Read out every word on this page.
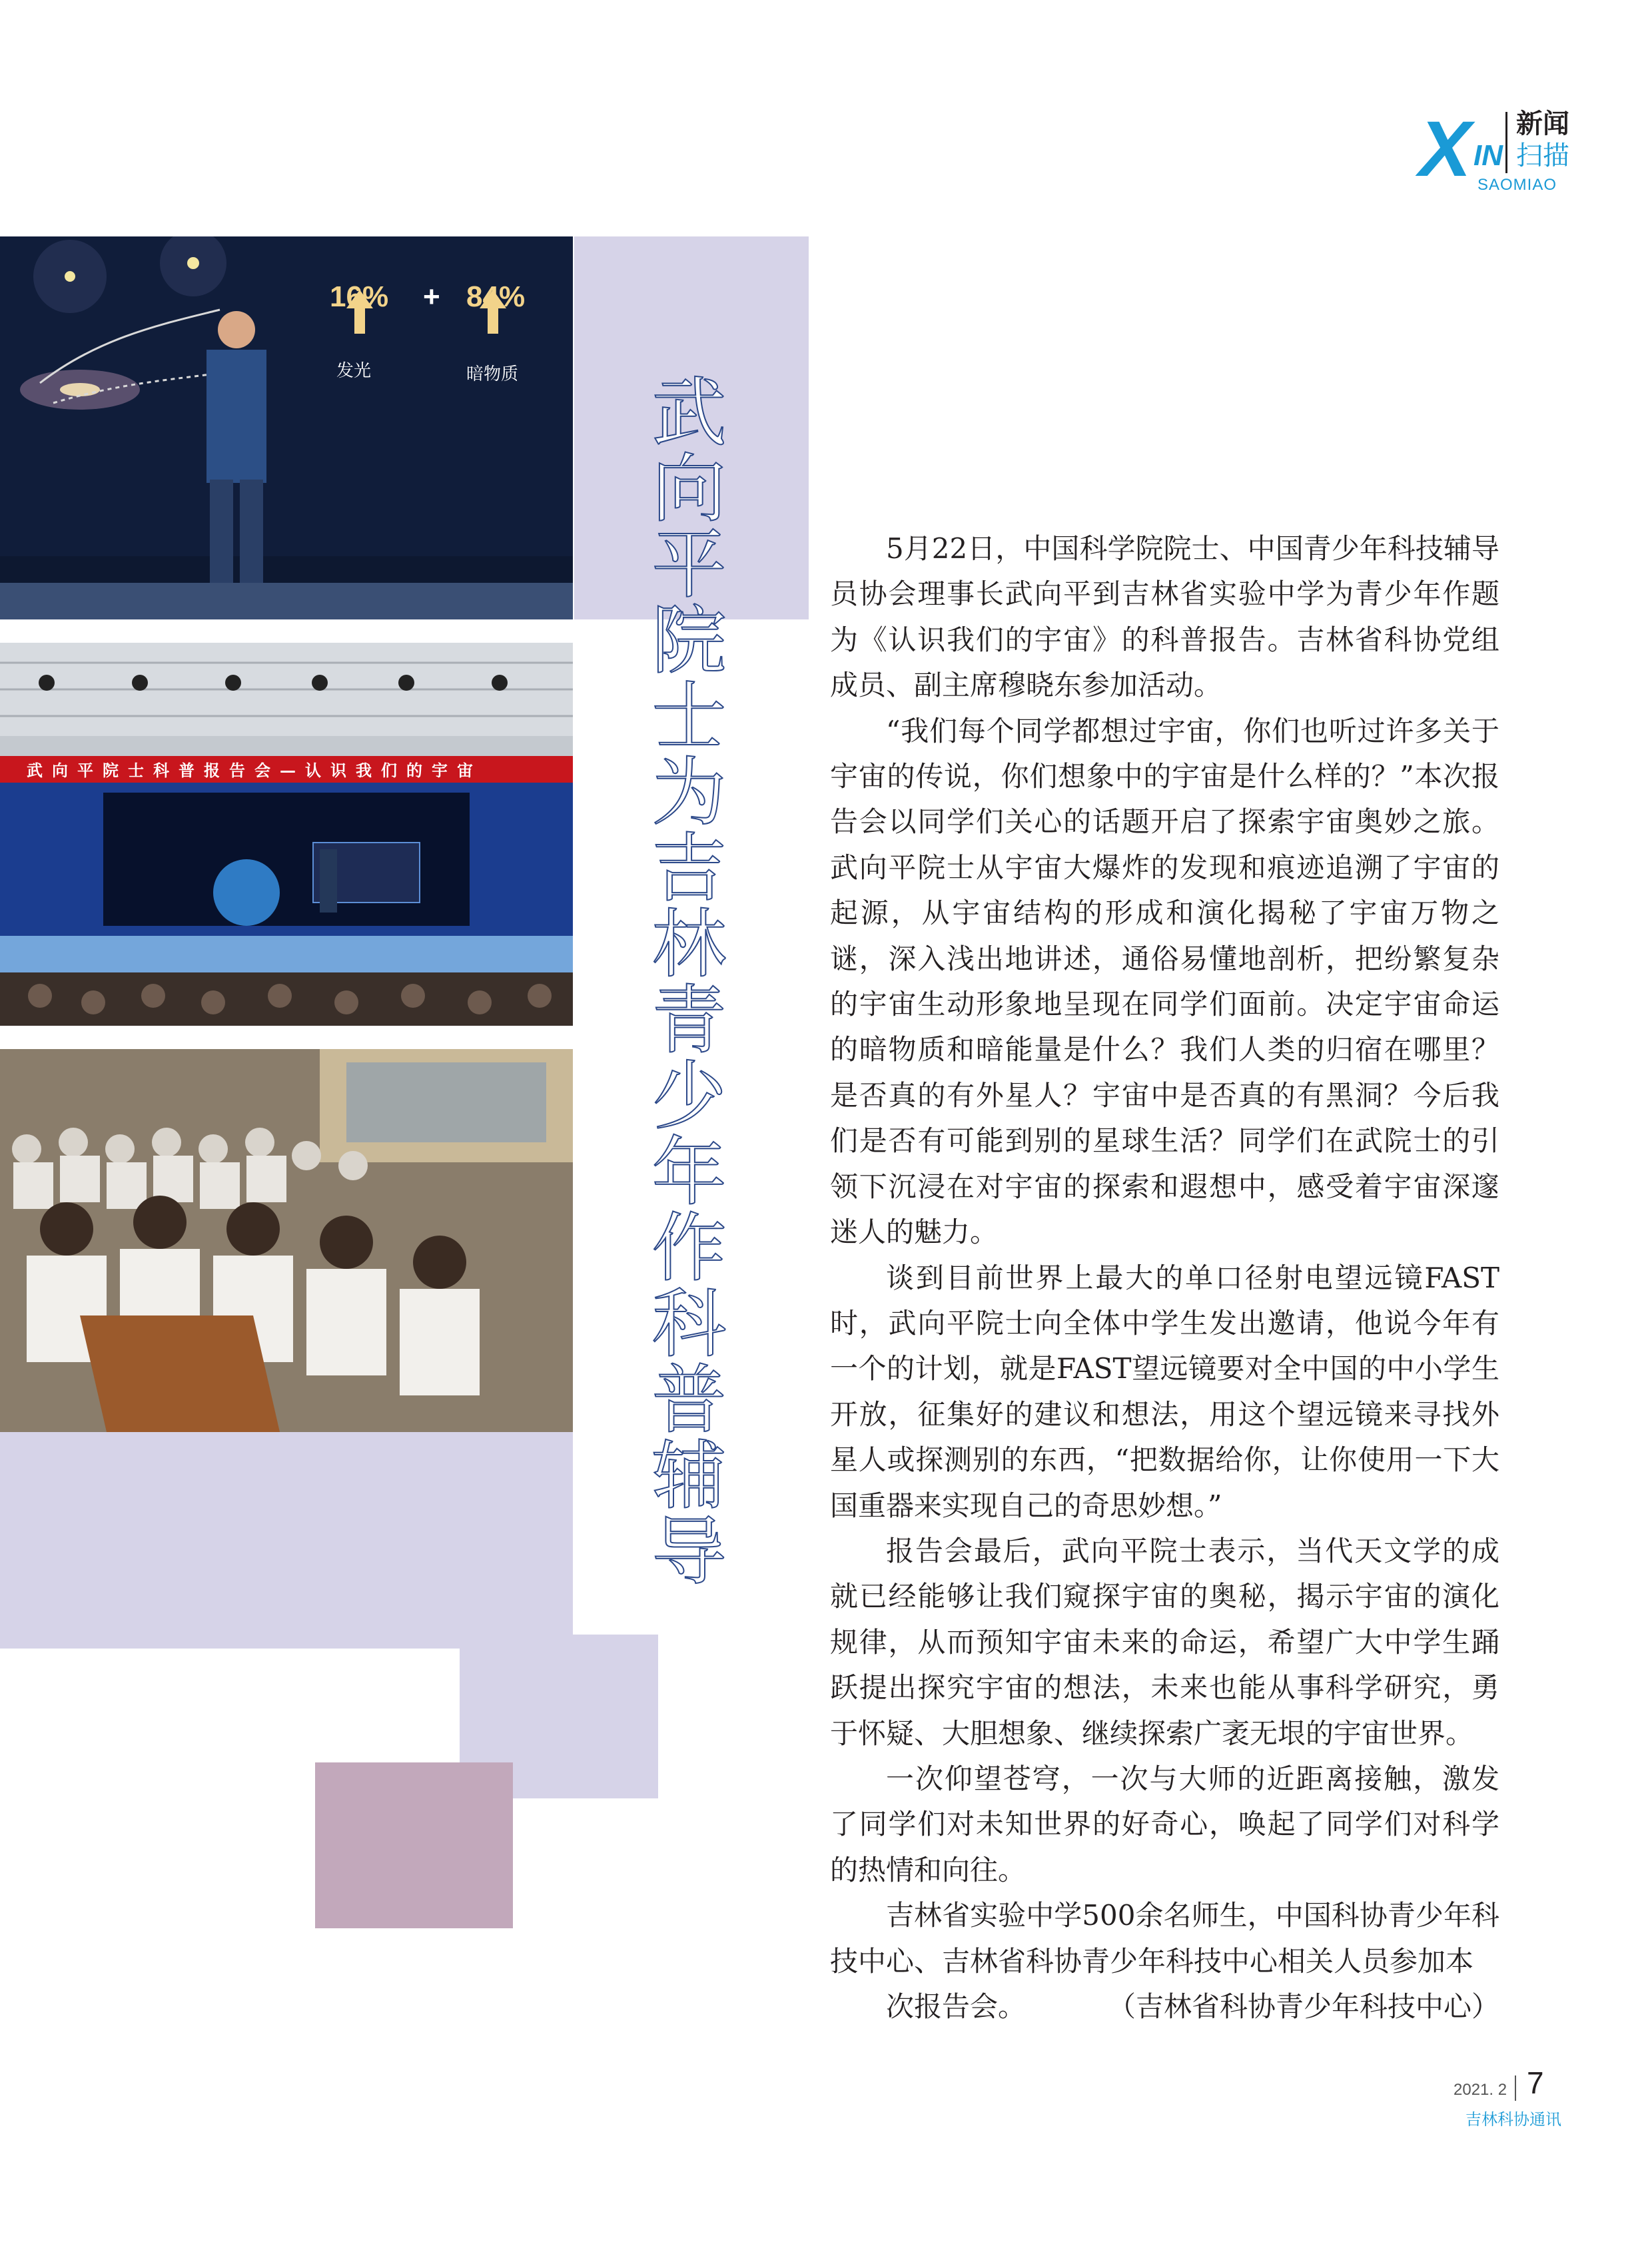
X IN
新闻
扫描
SAOMIAO
16% + 84%
发光	暗物质
武向平院士科普报告会—认识我们的宇宙 武向平院士为吉林青少年作科普辅导	5月22日，中国科学院院士、中国青少年科技辅导员协会理事长武向平到吉林省实验中学为青少年作题为《认识我们的宇宙》的科普报告。吉林省科协党组成员、副主席穆晓东参加活动。

“我们每个同学都想过宇宙，你们也听过许多关于宇宙的传说，你们想象中的宇宙是什么样的？”本次报告会以同学们关心的话题开启了探索宇宙奥妙之旅。武向平院士从宇宙大爆炸的发现和痕迹追溯了宇宙的起源，从宇宙结构的形成和演化揭秘了宇宙万物之谜，深入浅出地讲述，通俗易懂地剖析，把纷繁复杂的宇宙生动形象地呈现在同学们面前。决定宇宙命运的暗物质和暗能量是什么？我们人类的归宿在哪里？是否真的有外星人？宇宙中是否真的有黑洞？今后我们是否有可能到别的星球生活？同学们在武院士的引领下沉浸在对宇宙的探索和遐想中，感受着宇宙深邃迷人的魅力。

谈到目前世界上最大的单口径射电望远镜FAST时，武向平院士向全体中学生发出邀请，他说今年有一个的计划，就是FAST望远镜要对全中国的中小学生开放，征集好的建议和想法，用这个望远镜来寻找外星人或探测别的东西，“把数据给你，让你使用一下大国重器来实现自己的奇思妙想。”

报告会最后，武向平院士表示，当代天文学的成就已经能够让我们窥探宇宙的奥秘，揭示宇宙的演化规律，从而预知宇宙未来的命运，希望广大中学生踊跃提出探究宇宙的想法，未来也能从事科学研究，勇于怀疑、大胆想象、继续探索广袤无垠的宇宙世界。

一次仰望苍穹，一次与大师的近距离接触，激发了同学们对未知世界的好奇心，唤起了同学们对科学的热情和向往。

吉林省实验中学500余名师生，中国科协青少年科技中心、吉林省科协青少年科技中心相关人员参加本

次报告会。	（吉林省科协青少年科技中心）

2021. 2 7
吉林科协通讯
